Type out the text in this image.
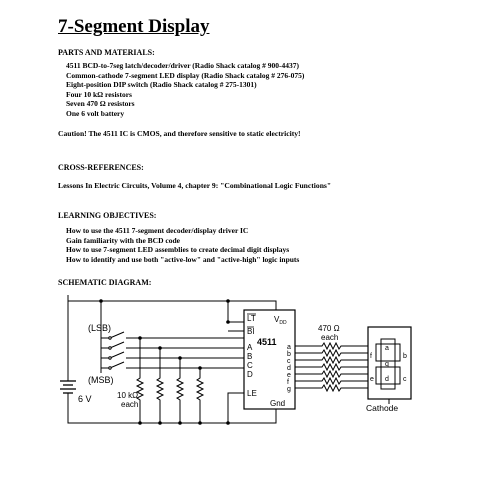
7-Segment Display
PARTS AND MATERIALS:
4511 BCD-to-7seg latch/decoder/driver (Radio Shack catalog # 900-4437)
Common-cathode 7-segment LED display (Radio Shack catalog # 276-075)
Eight-position DIP switch (Radio Shack catalog # 275-1301)
Four 10 kΩ resistors
Seven 470 Ω resistors
One 6 volt battery
Caution! The 4511 IC is CMOS, and therefore sensitive to static electricity!
CROSS-REFERENCES:
Lessons In Electric Circuits, Volume 4, chapter 9: "Combinational Logic Functions"
LEARNING OBJECTIVES:
How to use the 4511 7-segment decoder/display driver IC
Gain familiarity with the BCD code
How to use 7-segment LED assemblies to create decimal digit displays
How to identify and use both "active-low" and "active-high" logic inputs
SCHEMATIC DIAGRAM:
(LSB)
(MSB)
6 V	10 kΩ
each
LT
BI
$V_{DD}$
4511
A
B
C
D
LE
Gnd
a
b
c
d
e
f
g
470 Ω
each
a
b
c
d
e
f
g
Cathode
